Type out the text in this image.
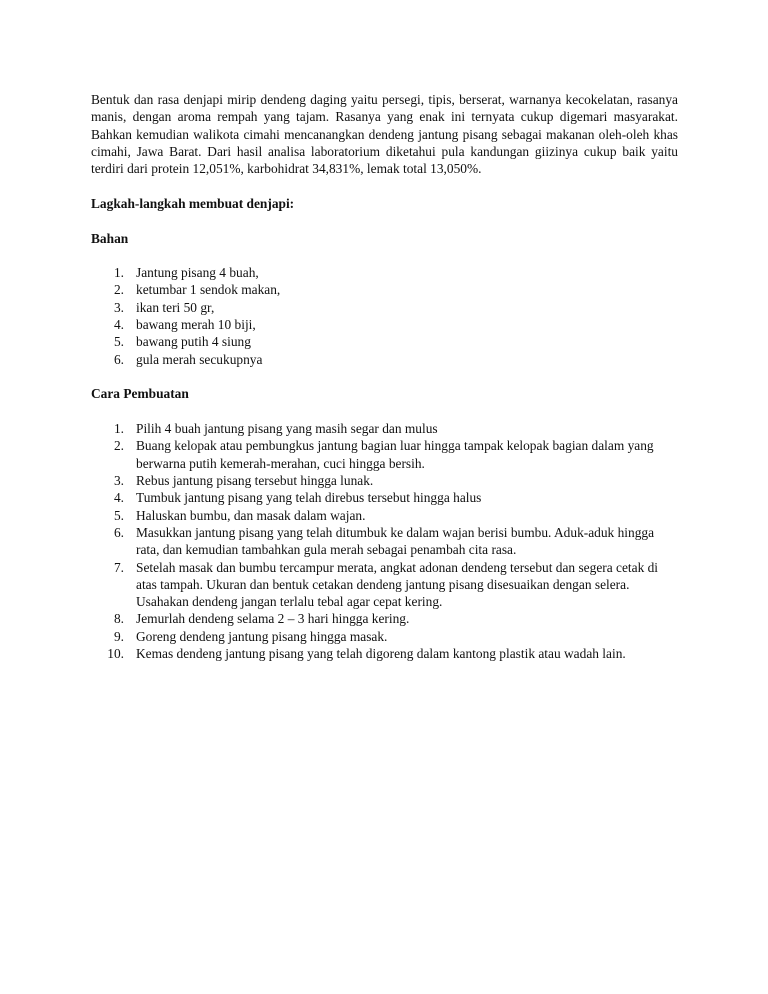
Bentuk dan rasa denjapi mirip dendeng daging yaitu persegi, tipis, berserat, warnanya kecokelatan, rasanya manis, dengan aroma rempah yang tajam. Rasanya yang enak ini ternyata cukup digemari masyarakat. Bahkan kemudian walikota cimahi mencanangkan dendeng jantung pisang sebagai makanan oleh-oleh khas cimahi, Jawa Barat. Dari hasil analisa laboratorium diketahui pula kandungan giizinya cukup baik yaitu terdiri dari protein 12,051%, karbohidrat 34,831%, lemak total 13,050%.

Lagkah-langkah membuat denjapi:

Bahan

1. Jantung pisang 4 buah,
2. ketumbar 1 sendok makan,
3. ikan teri 50 gr,
4. bawang merah 10 biji,
5. bawang putih 4 siung
6. gula merah secukupnya

Cara Pembuatan

1. Pilih 4 buah jantung pisang yang masih segar dan mulus
2. Buang kelopak atau pembungkus jantung bagian luar hingga tampak kelopak bagian dalam yang berwarna putih kemerah-merahan, cuci hingga bersih.
3. Rebus jantung pisang tersebut hingga lunak.
4. Tumbuk jantung pisang yang telah direbus tersebut hingga halus
5. Haluskan bumbu, dan masak dalam wajan.
6. Masukkan jantung pisang yang telah ditumbuk ke dalam wajan berisi bumbu. Aduk-aduk hingga rata, dan kemudian tambahkan gula merah sebagai penambah cita rasa.
7. Setelah masak dan bumbu tercampur merata, angkat adonan dendeng tersebut dan segera cetak di atas tampah. Ukuran dan bentuk cetakan dendeng jantung pisang disesuaikan dengan selera. Usahakan dendeng jangan terlalu tebal agar cepat kering.
8. Jemurlah dendeng selama 2 – 3 hari hingga kering.
9. Goreng dendeng jantung pisang hingga masak.
10. Kemas dendeng jantung pisang yang telah digoreng dalam kantong plastik atau wadah lain.
